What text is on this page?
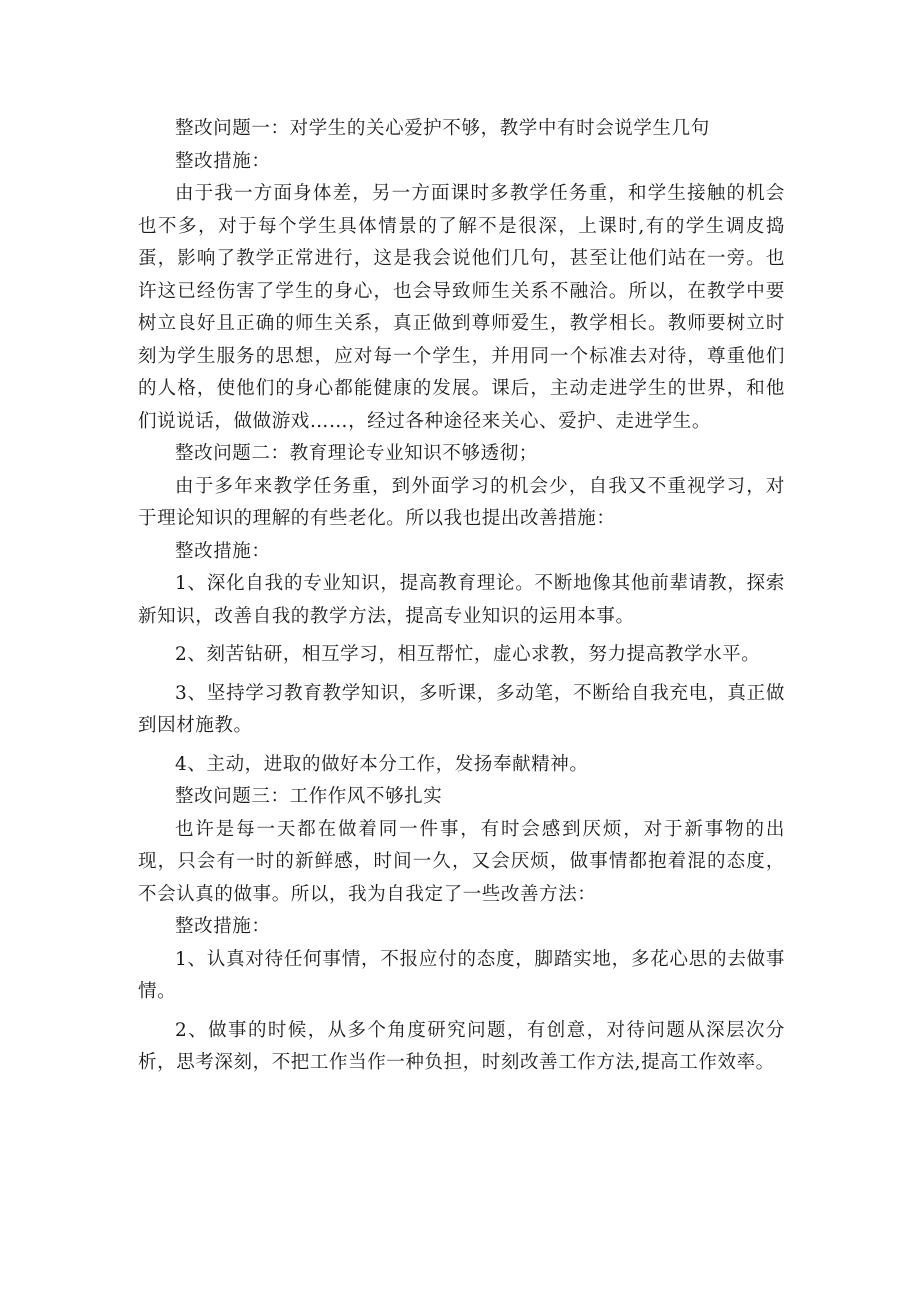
整改问题一：对学生的关心爱护不够，教学中有时会说学生几句

整改措施：

由于我一方面身体差，另一方面课时多教学任务重，和学生接触的机会也不多，对于每个学生具体情景的了解不是很深，上课时,有的学生调皮捣蛋，影响了教学正常进行，这是我会说他们几句，甚至让他们站在一旁。也许这已经伤害了学生的身心，也会导致师生关系不融洽。所以，在教学中要树立良好且正确的师生关系，真正做到尊师爱生，教学相长。教师要树立时刻为学生服务的思想，应对每一个学生，并用同一个标准去对待，尊重他们的人格，使他们的身心都能健康的发展。课后，主动走进学生的世界，和他们说说话，做做游戏……，经过各种途径来关心、爱护、走进学生。

整改问题二：教育理论专业知识不够透彻；

由于多年来教学任务重，到外面学习的机会少，自我又不重视学习，对于理论知识的理解的有些老化。所以我也提出改善措施：

整改措施：

1、深化自我的专业知识，提高教育理论。不断地像其他前辈请教，探索新知识，改善自我的教学方法，提高专业知识的运用本事。

2、刻苦钻研，相互学习，相互帮忙，虚心求教，努力提高教学水平。

3、坚持学习教育教学知识，多听课，多动笔，不断给自我充电，真正做到因材施教。

4、主动，进取的做好本分工作，发扬奉献精神。

整改问题三：工作作风不够扎实

也许是每一天都在做着同一件事，有时会感到厌烦，对于新事物的出现，只会有一时的新鲜感，时间一久，又会厌烦，做事情都抱着混的态度，不会认真的做事。所以，我为自我定了一些改善方法：

整改措施：

1、认真对待任何事情，不报应付的态度，脚踏实地，多花心思的去做事情。

2、做事的时候，从多个角度研究问题，有创意，对待问题从深层次分析，思考深刻，不把工作当作一种负担，时刻改善工作方法,提高工作效率。
